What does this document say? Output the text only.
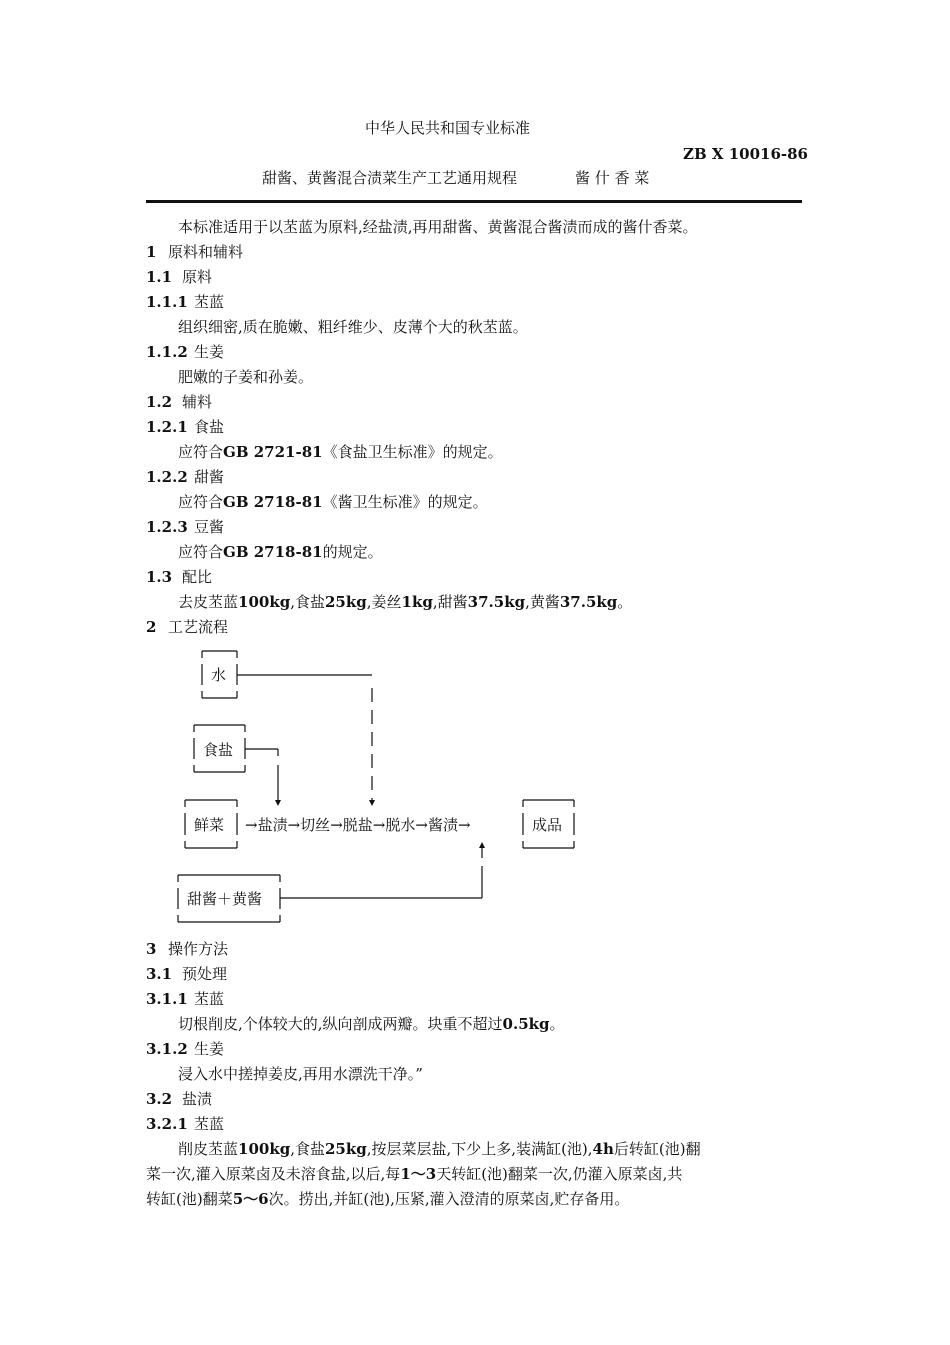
中华人民共和国专业标准
ZB X 10016-86
甜酱、黄酱混合渍菜生产工艺通用规程	酱 什 香 菜
本标准适用于以苤蓝为原料,经盐渍,再用甜酱、黄酱混合酱渍而成的酱什香菜。
1 原料和辅料
1.1 原料
1.1.1 苤蓝
组织细密,质在脆嫩、粗纤维少、皮薄个大的秋苤蓝。
1.1.2 生姜
肥嫩的子姜和孙姜。
1.2 辅料
1.2.1 食盐
应符合GB 2721-81《食盐卫生标准》的规定。
1.2.2 甜酱
应符合GB 2718-81《酱卫生标准》的规定。
1.2.3 豆酱
应符合GB 2718-81的规定。
1.3 配比
去皮苤蓝100kg,食盐25kg,姜丝1kg,甜酱37.5kg,黄酱37.5kg。
2 工艺流程
水
食盐
鲜菜	成品
甜酱＋黄酱
→盐渍→切丝→脱盐→脱水→酱渍→
3 操作方法
3.1 预处理
3.1.1 苤蓝
切根削皮,个体较大的,纵向剖成两瓣。块重不超过0.5kg。
3.1.2 生姜
浸入水中搓掉姜皮,再用水漂洗干净。”
3.2 盐渍
3.2.1 苤蓝
削皮苤蓝100kg,食盐25kg,按层菜层盐,下少上多,装满缸(池),4h后转缸(池)翻
菜一次,灌入原菜卤及未溶食盐,以后,每1～3天转缸(池)翻菜一次,仍灌入原菜卤,共
转缸(池)翻菜5～6次。捞出,并缸(池),压紧,灌入澄清的原菜卤,贮存备用。
